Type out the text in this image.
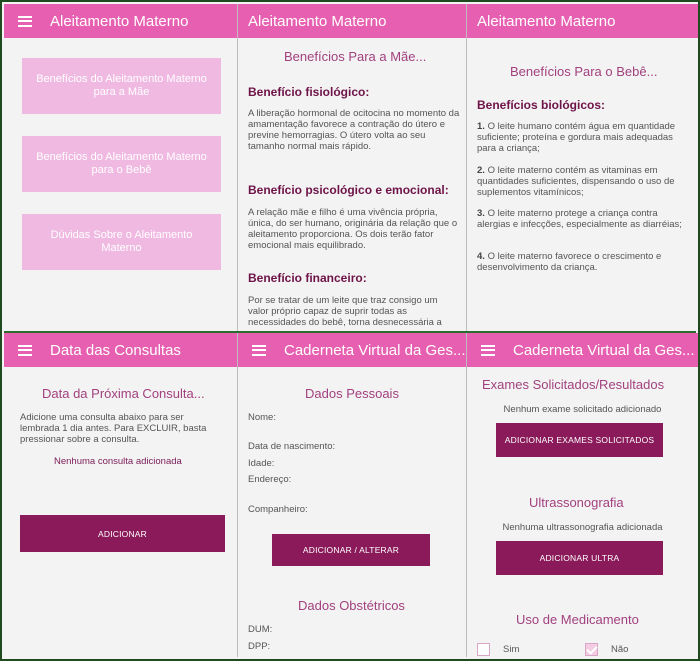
Aleitamento Materno
Benefícios do Aleitamento Materno para a Mãe
Benefícios do Aleitamento Materno para o Bebê
Dúvidas Sobre o Aleitamento Materno
Aleitamento Materno
Benefícios Para a Mãe...
Benefício fisiológico:
A liberação hormonal de ocitocina no momento da amamentação favorece a contração do útero e previne hemorragias. O útero volta ao seu tamanho normal mais rápido.
Benefício psicológico e emocional:
A relação mãe e filho é uma vivência própria, única, do ser humano, originária da relação que o aleitamento proporciona. Os dois terão fator emocional mais equilibrado.
Benefício financeiro:
Por se tratar de um leite que traz consigo um valor próprio capaz de suprir todas as necessidades do bebê, torna desnecessária a
Aleitamento Materno
Benefícios Para o Bebê...
Benefícios biológicos:
1. O leite humano contém água em quantidade suficiente; proteína e gordura mais adequadas para a criança;
2. O leite materno contém as vitaminas em quantidades suficientes, dispensando o uso de suplementos vitamínicos;
3. O leite materno protege a criança contra alergias e infecções, especialmente as diarréias;
4. O leite materno favorece o crescimento e desenvolvimento da criança.
Data das Consultas
Data da Próxima Consulta...
Adicione uma consulta abaixo para ser lembrada 1 dia antes. Para EXCLUIR, basta pressionar sobre a consulta.
Nenhuma consulta adicionada
ADICIONAR
Caderneta Virtual da Ges...
Dados Pessoais
Nome:
Data de nascimento:
Idade:
Endereço:
Companheiro:
ADICIONAR / ALTERAR
Dados Obstétricos
DUM:
DPP:
Caderneta Virtual da Ges...
Exames Solicitados/Resultados
Nenhum exame solicitado adicionado
ADICIONAR EXAMES SOLICITADOS
Ultrassonografia
Nenhuma ultrassonografia adicionada
ADICIONAR ULTRA
Uso de Medicamento
Sim	Não
